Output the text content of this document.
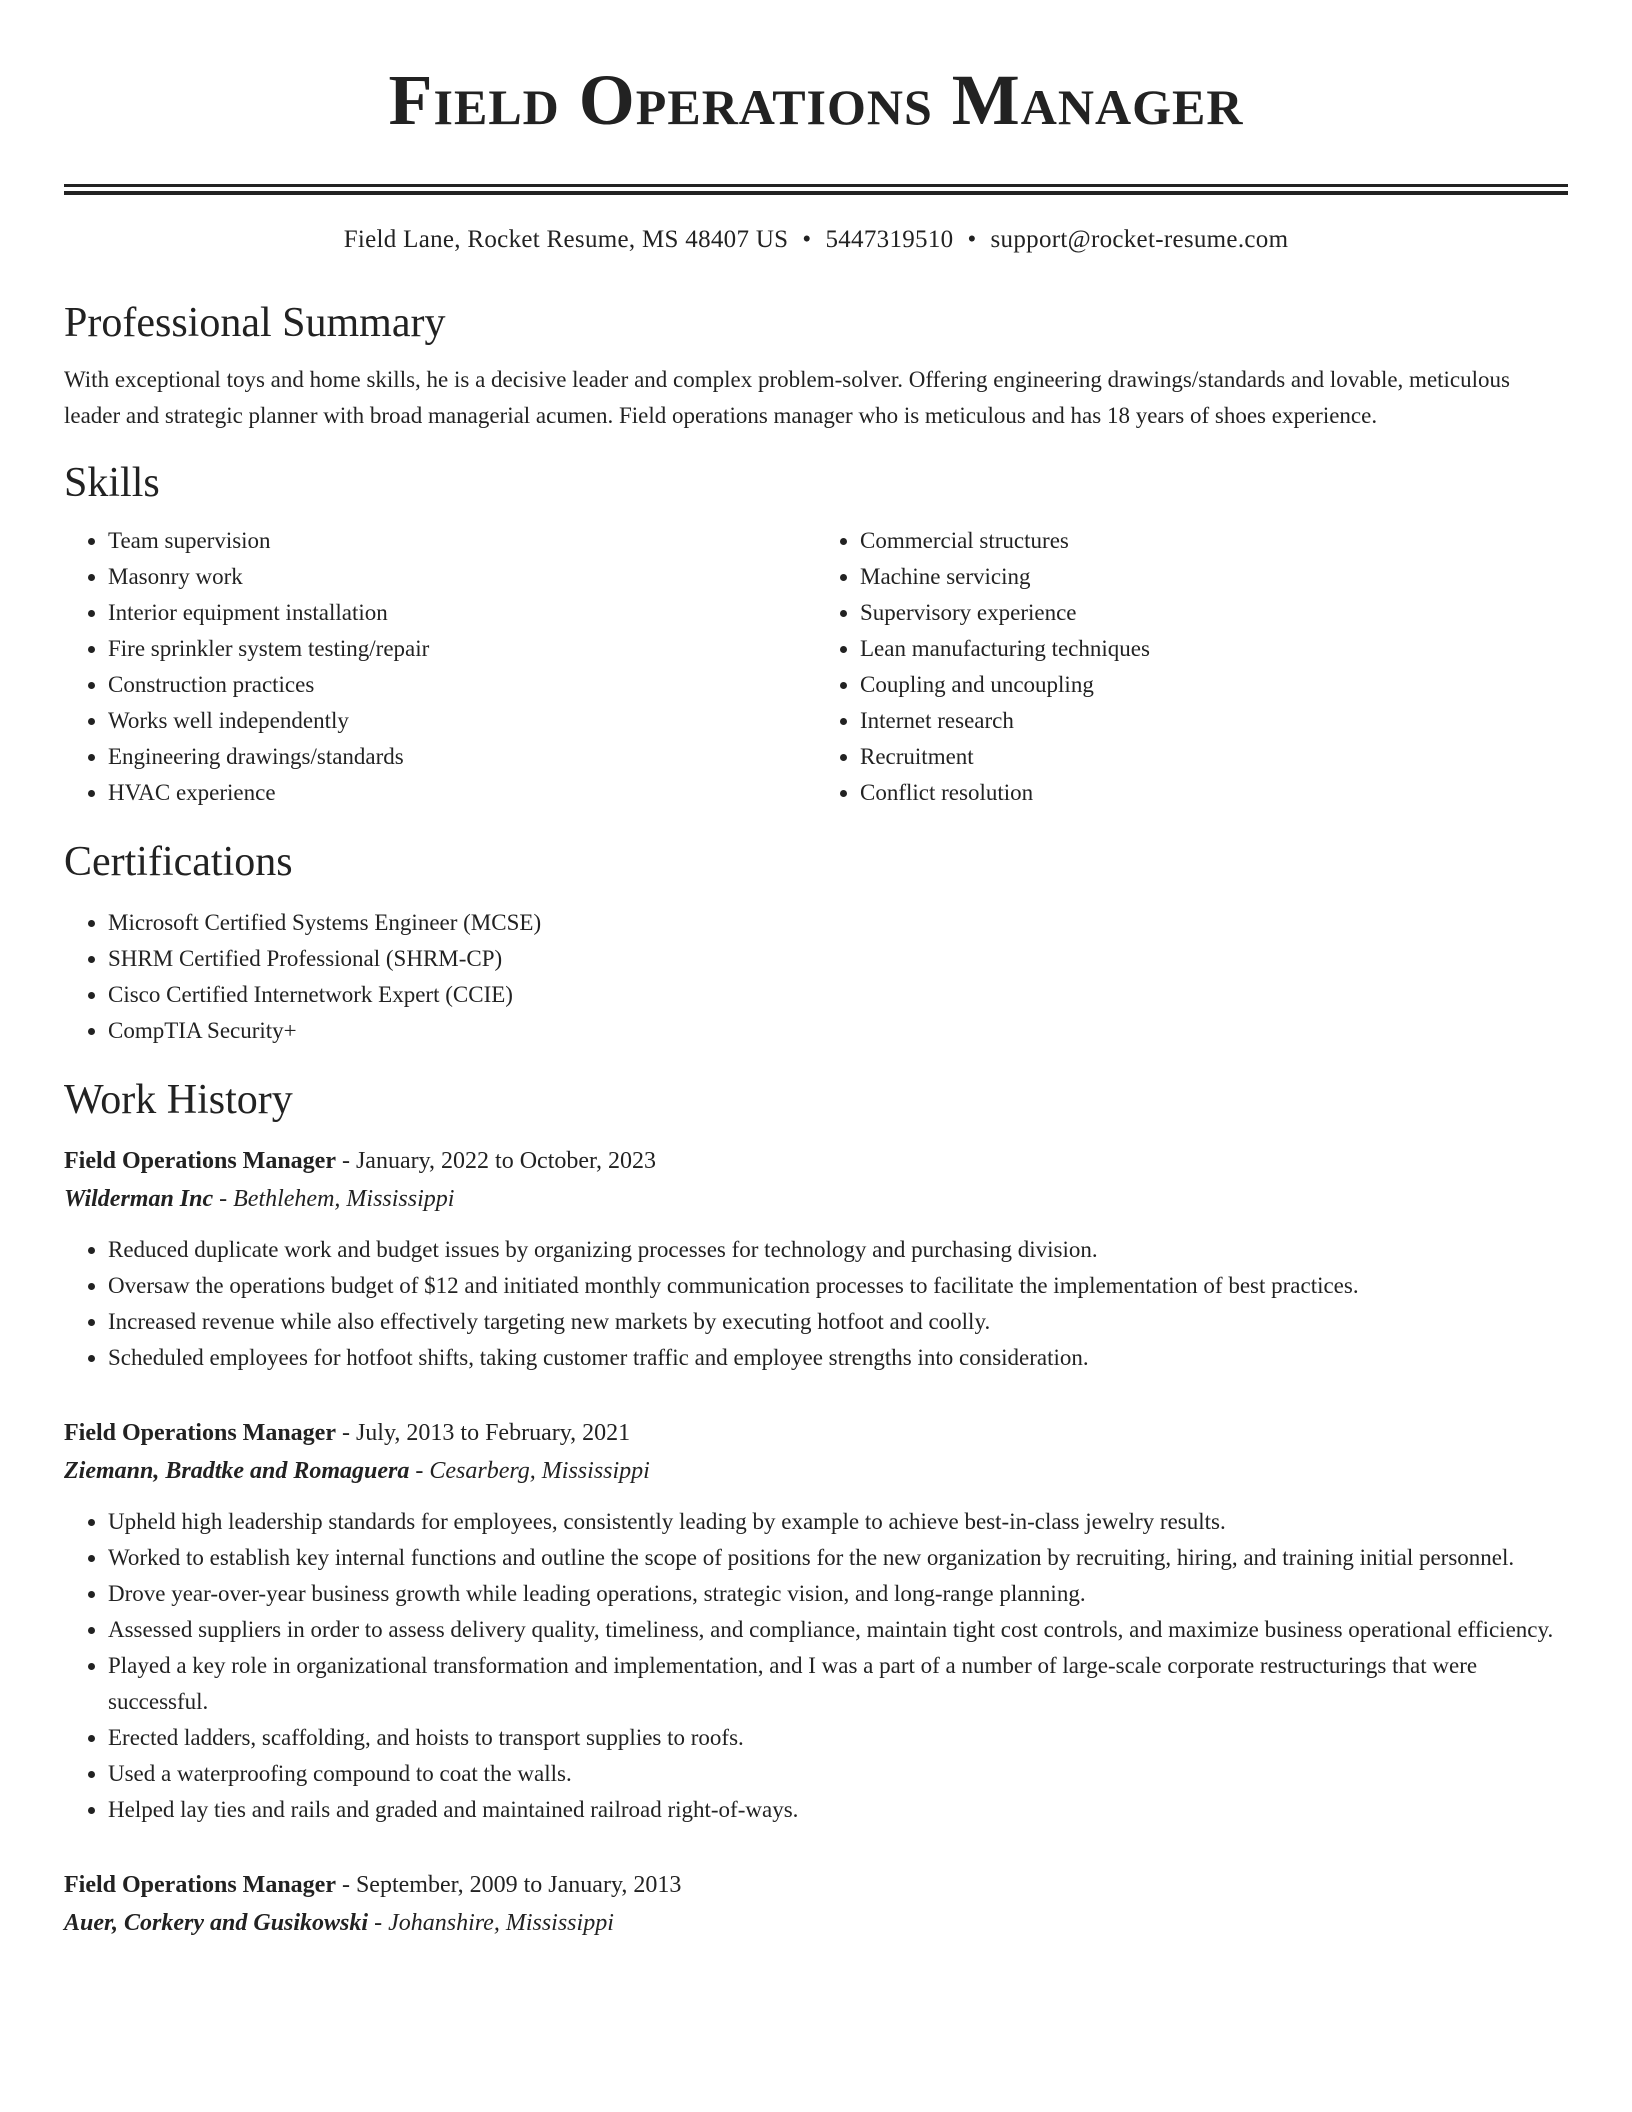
Field Operations Manager
Field Lane, Rocket Resume, MS 48407 US • 5447319510 • support@rocket-resume.com
Professional Summary

With exceptional toys and home skills, he is a decisive leader and complex problem-solver. Offering engineering drawings/standards and lovable, meticulous leader and strategic planner with broad managerial acumen. Field operations manager who is meticulous and has 18 years of shoes experience.

Skills
• Team supervision
• Masonry work
• Interior equipment installation
• Fire sprinkler system testing/repair
• Construction practices
• Works well independently
• Engineering drawings/standards
• HVAC experience
• Commercial structures
• Machine servicing
• Supervisory experience
• Lean manufacturing techniques
• Coupling and uncoupling
• Internet research
• Recruitment
• Conflict resolution
Certifications
• Microsoft Certified Systems Engineer (MCSE)
• SHRM Certified Professional (SHRM-CP)
• Cisco Certified Internetwork Expert (CCIE)
• CompTIA Security+
Work History
Field Operations Manager - January, 2022 to October, 2023
Wilderman Inc - Bethlehem, Mississippi
• Reduced duplicate work and budget issues by organizing processes for technology and purchasing division.
• Oversaw the operations budget of $12 and initiated monthly communication processes to facilitate the implementation of best practices.
• Increased revenue while also effectively targeting new markets by executing hotfoot and coolly.
• Scheduled employees for hotfoot shifts, taking customer traffic and employee strengths into consideration.
Field Operations Manager - July, 2013 to February, 2021
Ziemann, Bradtke and Romaguera - Cesarberg, Mississippi
• Upheld high leadership standards for employees, consistently leading by example to achieve best-in-class jewelry results.
• Worked to establish key internal functions and outline the scope of positions for the new organization by recruiting, hiring, and training initial personnel.
• Drove year-over-year business growth while leading operations, strategic vision, and long-range planning.
• Assessed suppliers in order to assess delivery quality, timeliness, and compliance, maintain tight cost controls, and maximize business operational efficiency.
• Played a key role in organizational transformation and implementation, and I was a part of a number of large-scale corporate restructurings that were successful.
• Erected ladders, scaffolding, and hoists to transport supplies to roofs.
• Used a waterproofing compound to coat the walls.
• Helped lay ties and rails and graded and maintained railroad right-of-ways.
Field Operations Manager - September, 2009 to January, 2013
Auer, Corkery and Gusikowski - Johanshire, Mississippi
